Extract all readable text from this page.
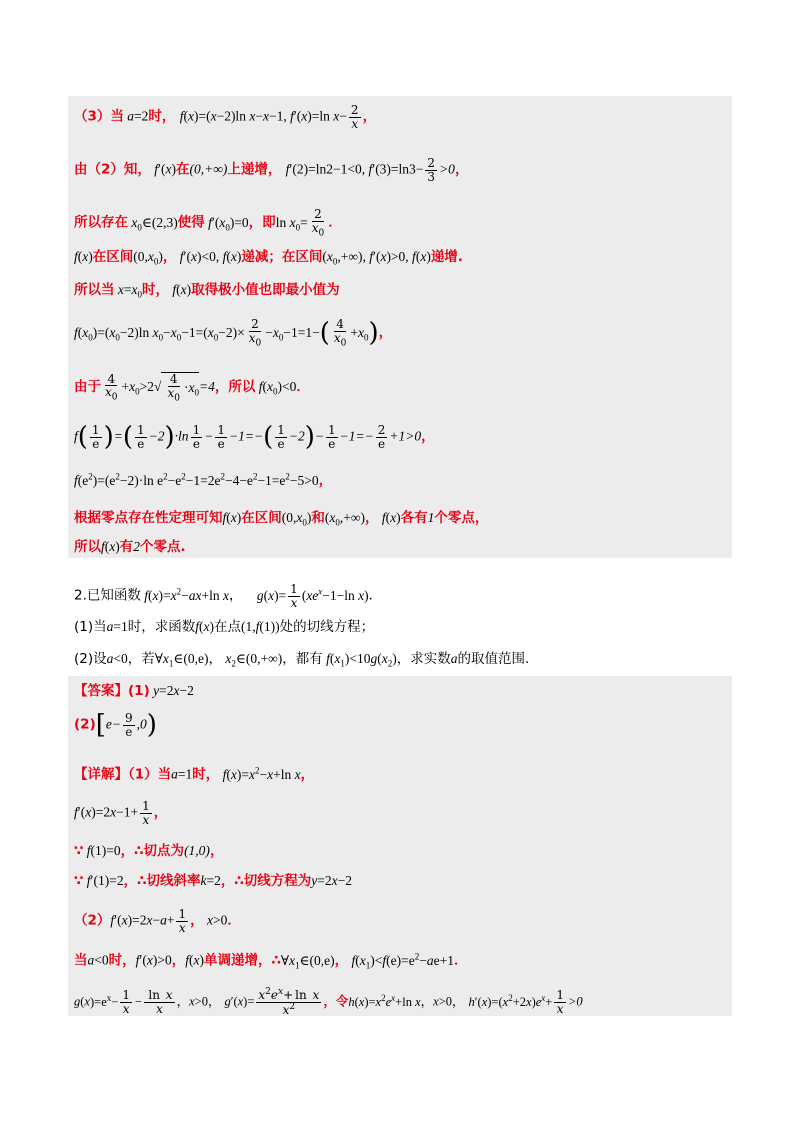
（3）当 a=2时， f(x)=(x−2)ln x−x−1, f′(x)=ln $x- \frac{2}{x}$ ，
由（2）知， f′(x)在(0,+∞)上递增， f′(2)=ln2−1<0, $f'(3)=\ln 3- \frac{2}{3} >0$，
所以存在 $x_0\in(2,3)$使得 $f'(x_0)=0$，即$\ln x_0= \frac{2}{x_0}$ ．
f(x)在区间$(0,x_0)$， f′(x)<0, f(x)递减；在区间$(x_0,+\infty)$, f′(x)>0, f(x)递增.
所以当 $x=x_0$时， f(x)取得极小值也即最小值为
$f(x_0)=(x_0-2)\ln$ $x_0-x_0-1=(x_0-2)\times \frac{2}{x_0} -x_0-1=1-( \frac{4}{x_0} +x_0)$，
由于 $\frac{4}{x_0} +x_0>2√ \frac{4}{x_0} \cdot x_0=4$，所以 $f(x_0)<0$．
$f( \frac{1}{e}$ )=( $\frac{1}{e} -2)\cdot\ln \frac{1}{e} - \frac{1}{e} -1=-( \frac{1}{e} -2)- \frac{1}{e} -1=- \frac{2}{e} +1>0$，
$f(e^2)=(e^2-2)\cdot\ln$ $e^2-e^2-1=2e^2-4-e^2-1=e^2-5>0$，
根据零点存在性定理可知f(x)在区间$(0,x_0)$和$(x_0,+\infty)$， f(x)各有1个零点，
所以f(x)有2个零点.
2.已知函数 $f(x)=x^2-ax+\ln$ x， $g(x)= \frac{1}{x} (xe^x-1-\ln$ x)．
(1)当a=1时，求函数f(x)在点(1,f(1))处的切线方程；
(2)设a<0，若$\forall x_1\in(0,e)$， $x_2\in(0,+\infty)$，都有 $f(x_1)<10g(x_2)$，求实数a的取值范围.
【答案】(1) y=2x−2
$(2)[e- \frac{9}{e} ,0)$
【详解】（1）当a=1时， $f(x)=x^2-x+\ln$ x，
$f'(x)=2x-1+ \frac{1}{x}$ ，
∵ f(1)=0，∴切点为(1,0)，
∵ f′(1)=2，∴切线斜率k=2，∴切线方程为y=2x−2
$(2)f'(x)=2x-a+ \frac{1}{x}$ ， x>0．
当a<0时，f′(x)>0，f(x)单调递增，$\therefore\forall x_1\in(0,e)$， $f(x_1)<f(e)=e^2-ae+1$．
$g(x)=e^x- \frac{1}{x} - \frac{\text{ln x}}{x}$ ，x>0， $g'(x)= \frac{x^2e^x+ \ln x}{x^2}$ ，令$h(x)=x^2e^x+\ln$ x，x>0， $h'(x)=(x^2+2x)e^x+ \frac{1}{x} >0$
